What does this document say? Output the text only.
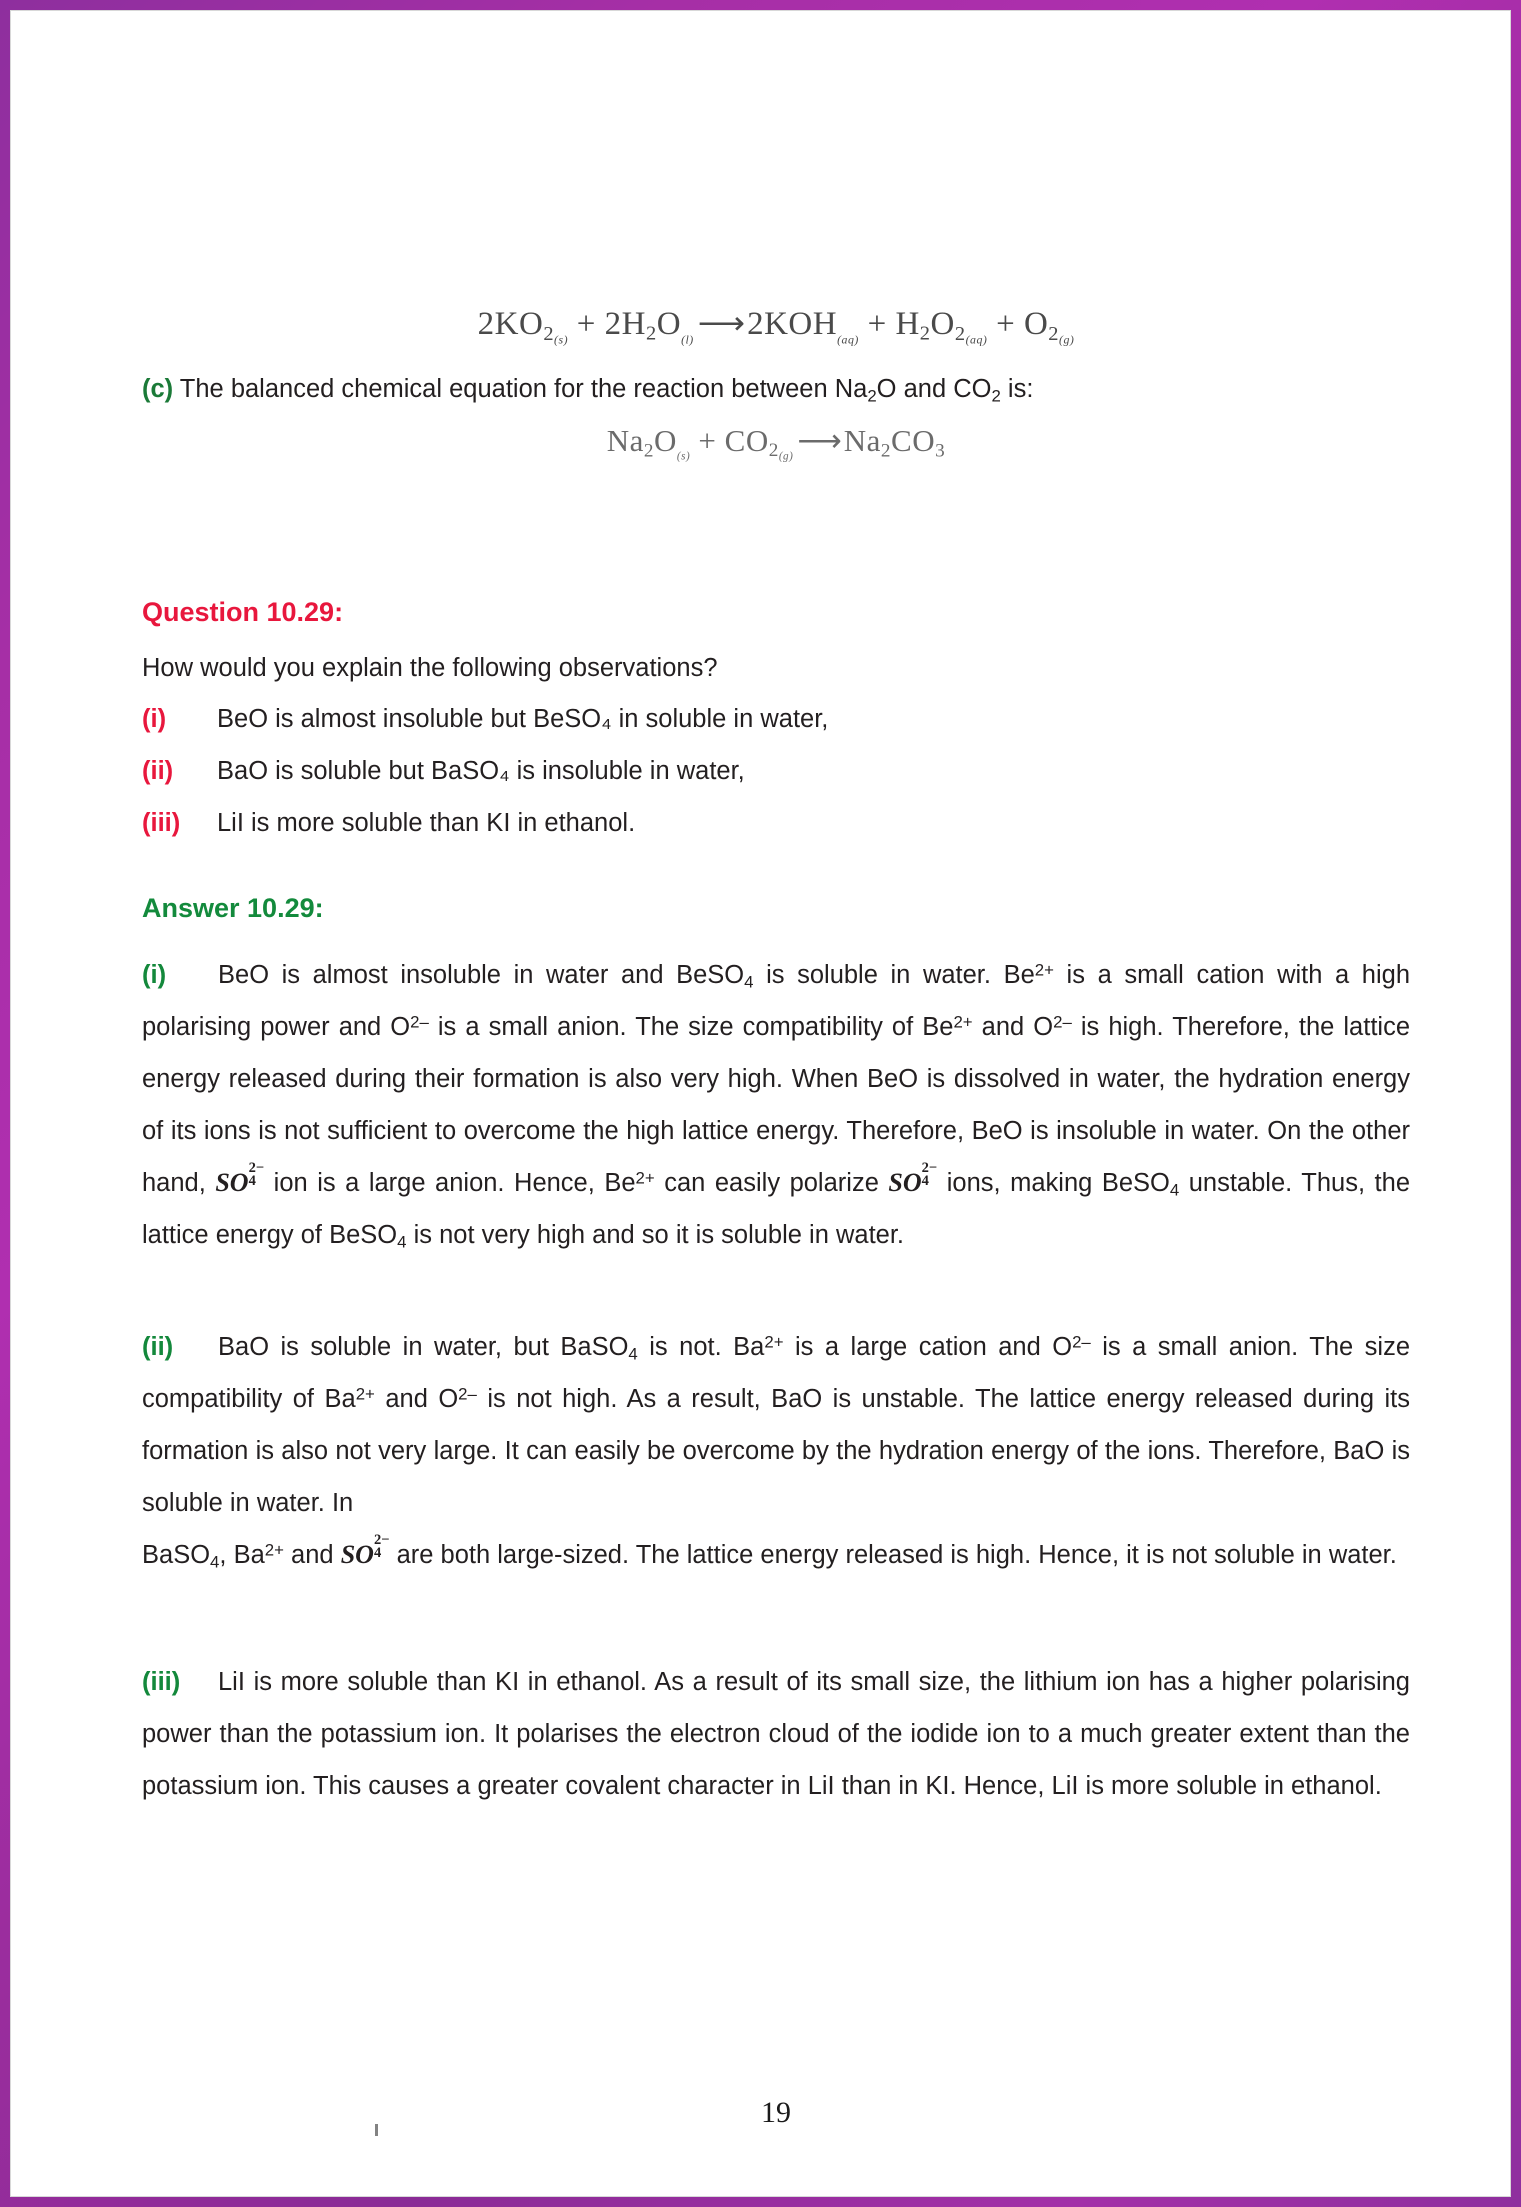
$2KO_{2(s)} + 2H_2O_{(l)}$ ⟶ $2KOH_{(aq)} + H_2O_{2(aq)} + O_{2(g)}$
(c) The balanced chemical equation for the reaction between $Na_2O$ and $CO_2$ is:
$Na_2O_{(s)} + CO_{2(g)}$ ⟶ $Na_2CO_3$
Question 10.29:
How would you explain the following observations?
(i) BeO is almost insoluble but BeSO₄ in soluble in water,
(ii) BaO is soluble but BaSO₄ is insoluble in water,
(iii) LiI is more soluble than KI in ethanol.
Answer 10.29:
(i) BeO is almost insoluble in water and BeSO$_4$ is soluble in water. $Be^{2+}$ is a small cation with a high polarising power and $O^{2-}$ is a small anion. The size compatibility of $Be^{2+}$ and $O^{2-}$ is high. Therefore, the lattice energy released during their formation is also very high. When BeO is dissolved in water, the hydration energy of its ions is not sufficient to overcome the high lattice energy. Therefore, BeO is insoluble in water. On the other hand, SO 2−
4 ion is a large anion. Hence, $Be^{2+}$ can easily polarize SO 2−
4 ions, making BeSO$_4$ unstable. Thus, the lattice energy of BeSO$_4$ is not very high and so it is soluble in water.
(ii) BaO is soluble in water, but BaSO$_4$ is not. $Ba^{2+}$ is a large cation and $O^{2-}$ is a small anion. The size compatibility of $Ba^{2+}$ and $O^{2-}$ is not high. As a result, BaO is unstable. The lattice energy released during its formation is also not very large. It can easily be overcome by the hydration energy of the ions. Therefore, BaO is soluble in water. In
BaSO$_4$, $Ba^{2+}$ and SO 2−
4 are both large-sized. The lattice energy released is high. Hence, it is not soluble in water.
(iii) LiI is more soluble than KI in ethanol. As a result of its small size, the lithium ion has a higher polarising power than the potassium ion. It polarises the electron cloud of the iodide ion to a much greater extent than the potassium ion. This causes a greater covalent character in LiI than in KI. Hence, LiI is more soluble in ethanol.
19
